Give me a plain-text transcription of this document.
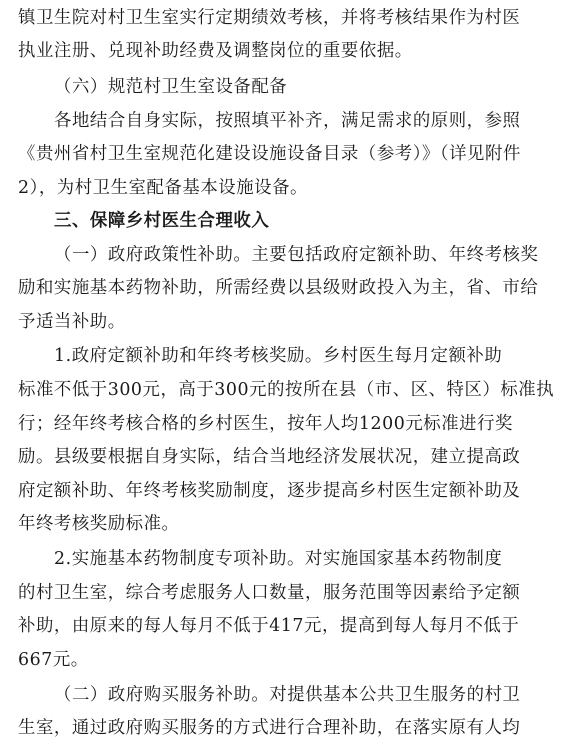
镇卫生院对村卫生室实行定期绩效考核，并将考核结果作为村医
执业注册、兑现补助经费及调整岗位的重要依据。
（六）规范村卫生室设备配备
各地结合自身实际，按照填平补齐，满足需求的原则，参照
《贵州省村卫生室规范化建设设施设备目录（参考）》（详见附件
2），为村卫生室配备基本设施设备。
三、保障乡村医生合理收入
（一）政府政策性补助。主要包括政府定额补助、年终考核奖
励和实施基本药物补助，所需经费以县级财政投入为主，省、市给
予适当补助。
1.政府定额补助和年终考核奖励。乡村医生每月定额补助
标准不低于300元，高于300元的按所在县（市、区、特区）标准执
行；经年终考核合格的乡村医生，按年人均1200元标准进行奖
励。县级要根据自身实际，结合当地经济发展状况，建立提高政
府定额补助、年终考核奖励制度，逐步提高乡村医生定额补助及
年终考核奖励标准。
2.实施基本药物制度专项补助。对实施国家基本药物制度
的村卫生室，综合考虑服务人口数量，服务范围等因素给予定额
补助，由原来的每人每月不低于417元，提高到每人每月不低于
667元。
（二）政府购买服务补助。对提供基本公共卫生服务的村卫
生室，通过政府购买服务的方式进行合理补助，在落实原有人均
